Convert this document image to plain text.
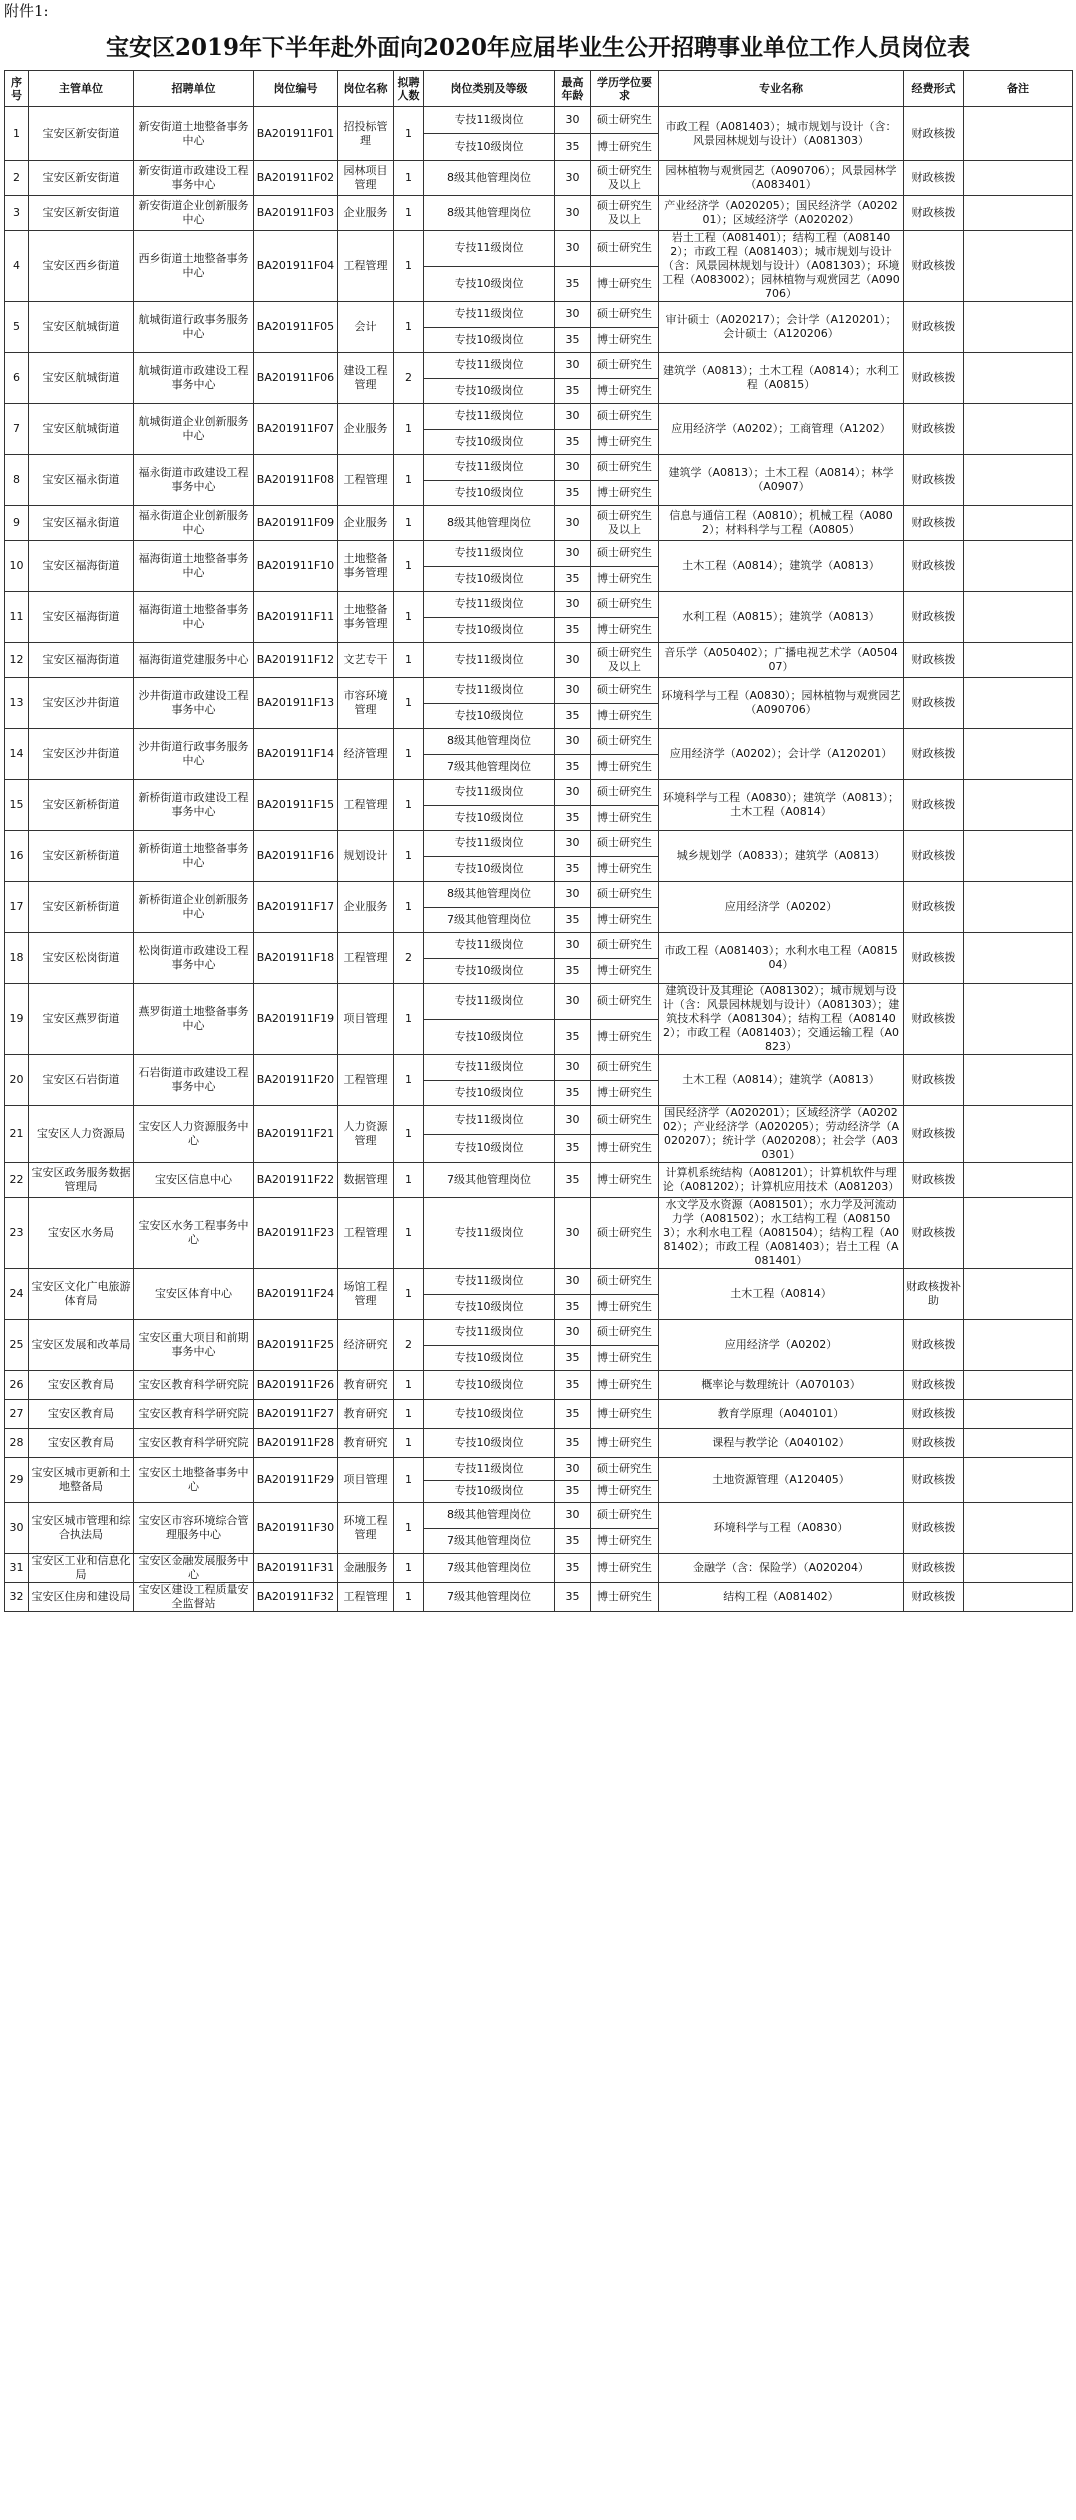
附件1:
宝安区2019年下半年赴外面向2020年应届毕业生公开招聘事业单位工作人员岗位表
序号	主管单位	招聘单位	岗位编号	岗位名称	拟聘人数	岗位类别及等级	最高年龄	学历学位要求	专业名称	经费形式	备注
1	宝安区新安街道	新安街道土地整备事务中心	BA201911F01	招投标管理	1	专技11级岗位	30	硕士研究生	市政工程（A081403）；城市规划与设计（含：风景园林规划与设计）（A081303）	财政核拨	
						专技10级岗位	35	博士研究生			
2	宝安区新安街道	新安街道市政建设工程事务中心	BA201911F02	园林项目管理	1	8级其他管理岗位	30	硕士研究生及以上	园林植物与观赏园艺（A090706）；风景园林学（A083401）	财政核拨	
3	宝安区新安街道	新安街道企业创新服务中心	BA201911F03	企业服务	1	8级其他管理岗位	30	硕士研究生及以上	产业经济学（A020205）；国民经济学（A020201）；区域经济学（A020202）	财政核拨	
4	宝安区西乡街道	西乡街道土地整备事务中心	BA201911F04	工程管理	1	专技11级岗位	30	硕士研究生	岩土工程（A081401）；结构工程（A081402）；市政工程（A081403）；城市规划与设计（含：风景园林规划与设计）（A081303）；环境工程（A083002）；园林植物与观赏园艺（A090706）	财政核拨	
						专技10级岗位	35	博士研究生			
5	宝安区航城街道	航城街道行政事务服务中心	BA201911F05	会计	1	专技11级岗位	30	硕士研究生	审计硕士（A020217）；会计学（A120201）；会计硕士（A120206）	财政核拨	
						专技10级岗位	35	博士研究生			
6	宝安区航城街道	航城街道市政建设工程事务中心	BA201911F06	建设工程管理	2	专技11级岗位	30	硕士研究生	建筑学（A0813）；土木工程（A0814）；水利工程（A0815）	财政核拨	
						专技10级岗位	35	博士研究生			
7	宝安区航城街道	航城街道企业创新服务中心	BA201911F07	企业服务	1	专技11级岗位	30	硕士研究生	应用经济学（A0202）；工商管理（A1202）	财政核拨	
						专技10级岗位	35	博士研究生			
8	宝安区福永街道	福永街道市政建设工程事务中心	BA201911F08	工程管理	1	专技11级岗位	30	硕士研究生	建筑学（A0813）；土木工程（A0814）；林学（A0907）	财政核拨	
						专技10级岗位	35	博士研究生			
9	宝安区福永街道	福永街道企业创新服务中心	BA201911F09	企业服务	1	8级其他管理岗位	30	硕士研究生及以上	信息与通信工程（A0810）；机械工程（A0802）；材料科学与工程（A0805）	财政核拨	
10	宝安区福海街道	福海街道土地整备事务中心	BA201911F10	土地整备事务管理	1	专技11级岗位	30	硕士研究生	土木工程（A0814）；建筑学（A0813）	财政核拨	
						专技10级岗位	35	博士研究生			
11	宝安区福海街道	福海街道土地整备事务中心	BA201911F11	土地整备事务管理	1	专技11级岗位	30	硕士研究生	水利工程（A0815）；建筑学（A0813）	财政核拨	
						专技10级岗位	35	博士研究生			
12	宝安区福海街道	福海街道党建服务中心	BA201911F12	文艺专干	1	专技11级岗位	30	硕士研究生及以上	音乐学（A050402）；广播电视艺术学（A050407）	财政核拨	
13	宝安区沙井街道	沙井街道市政建设工程事务中心	BA201911F13	市容环境管理	1	专技11级岗位	30	硕士研究生	环境科学与工程（A0830）；园林植物与观赏园艺（A090706）	财政核拨	
						专技10级岗位	35	博士研究生			
14	宝安区沙井街道	沙井街道行政事务服务中心	BA201911F14	经济管理	1	8级其他管理岗位	30	硕士研究生	应用经济学（A0202）；会计学（A120201）	财政核拨	
						7级其他管理岗位	35	博士研究生			
15	宝安区新桥街道	新桥街道市政建设工程事务中心	BA201911F15	工程管理	1	专技11级岗位	30	硕士研究生	环境科学与工程（A0830）；建筑学（A0813）；土木工程（A0814）	财政核拨	
						专技10级岗位	35	博士研究生			
16	宝安区新桥街道	新桥街道土地整备事务中心	BA201911F16	规划设计	1	专技11级岗位	30	硕士研究生	城乡规划学（A0833）；建筑学（A0813）	财政核拨	
						专技10级岗位	35	博士研究生			
17	宝安区新桥街道	新桥街道企业创新服务中心	BA201911F17	企业服务	1	8级其他管理岗位	30	硕士研究生	应用经济学（A0202）	财政核拨	
						7级其他管理岗位	35	博士研究生			
18	宝安区松岗街道	松岗街道市政建设工程事务中心	BA201911F18	工程管理	2	专技11级岗位	30	硕士研究生	市政工程（A081403）；水利水电工程（A081504）	财政核拨	
						专技10级岗位	35	博士研究生			
19	宝安区燕罗街道	燕罗街道土地整备事务中心	BA201911F19	项目管理	1	专技11级岗位	30	硕士研究生	建筑设计及其理论（A081302）；城市规划与设计（含：风景园林规划与设计）（A081303）；建筑技术科学（A081304）；结构工程（A081402）；市政工程（A081403）；交通运输工程（A0823）	财政核拨	
						专技10级岗位	35	博士研究生			
20	宝安区石岩街道	石岩街道市政建设工程事务中心	BA201911F20	工程管理	1	专技11级岗位	30	硕士研究生	土木工程（A0814）；建筑学（A0813）	财政核拨	
						专技10级岗位	35	博士研究生			
21	宝安区人力资源局	宝安区人力资源服务中心	BA201911F21	人力资源管理	1	专技11级岗位	30	硕士研究生	国民经济学（A020201）；区域经济学（A020202）；产业经济学（A020205）；劳动经济学（A020207）；统计学（A020208）；社会学（A030301）	财政核拨	
						专技10级岗位	35	博士研究生			
22	宝安区政务服务数据管理局	宝安区信息中心	BA201911F22	数据管理	1	7级其他管理岗位	35	博士研究生	计算机系统结构（A081201）；计算机软件与理论（A081202）；计算机应用技术（A081203）	财政核拨	
23	宝安区水务局	宝安区水务工程事务中心	BA201911F23	工程管理	1	专技11级岗位	30	硕士研究生	水文学及水资源（A081501）；水力学及河流动力学（A081502）；水工结构工程（A081503）；水利水电工程（A081504）；结构工程（A081402）；市政工程（A081403）；岩土工程（A081401）	财政核拨	
24	宝安区文化广电旅游体育局	宝安区体育中心	BA201911F24	场馆工程管理	1	专技11级岗位	30	硕士研究生	土木工程（A0814）	财政核拨补助	
						专技10级岗位	35	博士研究生			
25	宝安区发展和改革局	宝安区重大项目和前期事务中心	BA201911F25	经济研究	2	专技11级岗位	30	硕士研究生	应用经济学（A0202）	财政核拨	
						专技10级岗位	35	博士研究生			
26	宝安区教育局	宝安区教育科学研究院	BA201911F26	教育研究	1	专技10级岗位	35	博士研究生	概率论与数理统计（A070103）	财政核拨	
27	宝安区教育局	宝安区教育科学研究院	BA201911F27	教育研究	1	专技10级岗位	35	博士研究生	教育学原理（A040101）	财政核拨	
28	宝安区教育局	宝安区教育科学研究院	BA201911F28	教育研究	1	专技10级岗位	35	博士研究生	课程与教学论（A040102）	财政核拨	
29	宝安区城市更新和土地整备局	宝安区土地整备事务中心	BA201911F29	项目管理	1	专技11级岗位	30	硕士研究生	土地资源管理（A120405）	财政核拨	
						专技10级岗位	35	博士研究生			
30	宝安区城市管理和综合执法局	宝安区市容环境综合管理服务中心	BA201911F30	环境工程管理	1	8级其他管理岗位	30	硕士研究生	环境科学与工程（A0830）	财政核拨	
						7级其他管理岗位	35	博士研究生			
31	宝安区工业和信息化局	宝安区金融发展服务中心	BA201911F31	金融服务	1	7级其他管理岗位	35	博士研究生	金融学（含：保险学）（A020204）	财政核拨	
32	宝安区住房和建设局	宝安区建设工程质量安全监督站	BA201911F32	工程管理	1	7级其他管理岗位	35	博士研究生	结构工程（A081402）	财政核拨	
